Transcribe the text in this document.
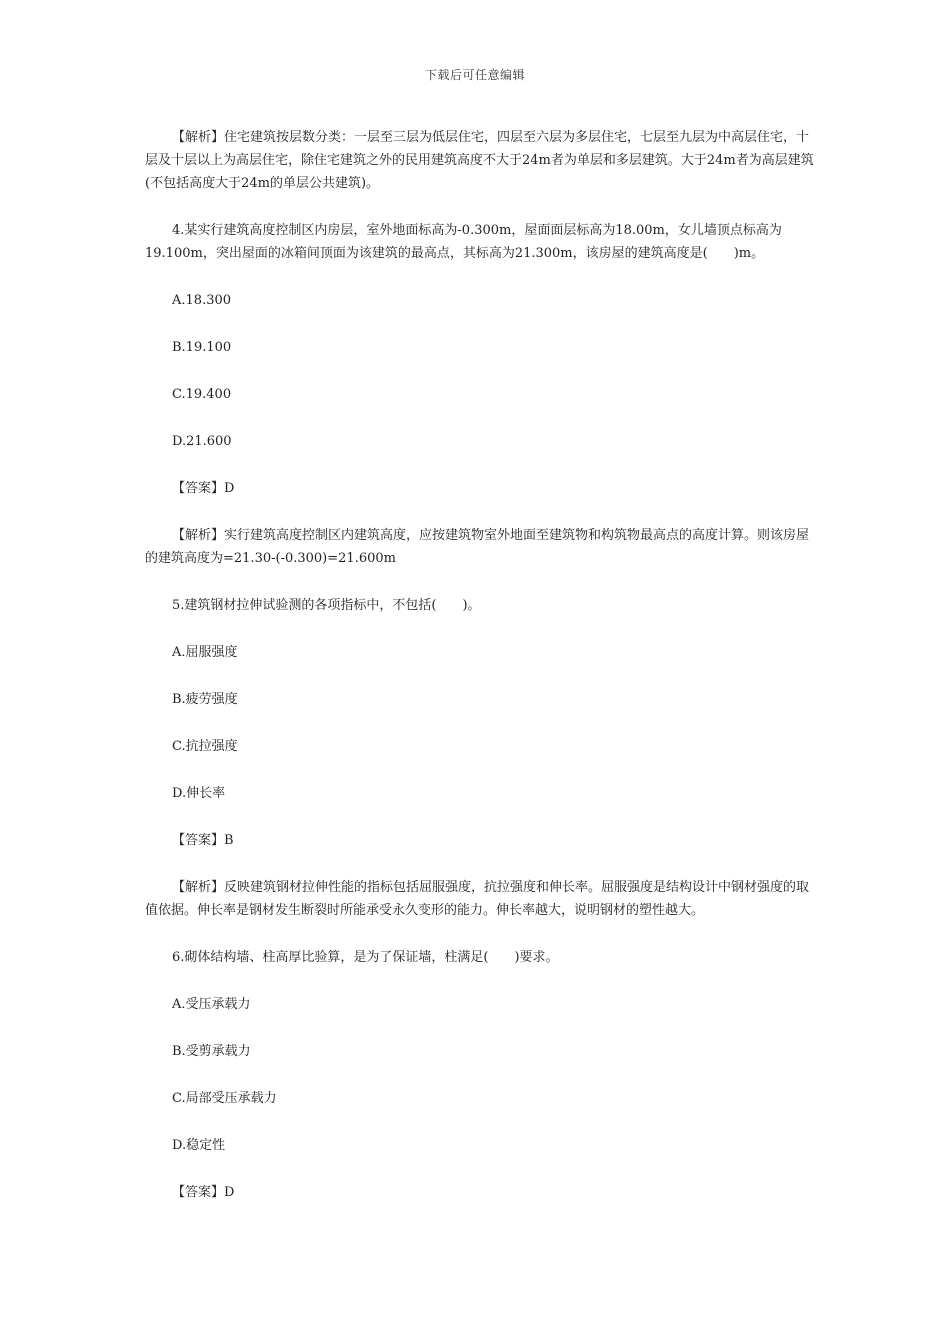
下载后可任意编辑

【解析】住宅建筑按层数分类：一层至三层为低层住宅，四层至六层为多层住宅，七层至九层为中高层住宅，十层及十层以上为高层住宅，除住宅建筑之外的民用建筑高度不大于24m者为单层和多层建筑。大于24m者为高层建筑(不包括高度大于24m的单层公共建筑)。

4.某实行建筑高度控制区内房层，室外地面标高为-0.300m，屋面面层标高为18.00m，女儿墙顶点标高为19.100m，突出屋面的冰箱间顶面为该建筑的最高点，其标高为21.300m，该房屋的建筑高度是(　　)m。

A.18.300

B.19.100

C.19.400

D.21.600

【答案】D

【解析】实行建筑高度控制区内建筑高度，应按建筑物室外地面至建筑物和构筑物最高点的高度计算。则该房屋的建筑高度为=21.30-(-0.300)=21.600m

5.建筑钢材拉伸试验测的各项指标中，不包括(　　)。

A.屈服强度

B.疲劳强度

C.抗拉强度

D.伸长率

【答案】B

【解析】反映建筑钢材拉伸性能的指标包括屈服强度，抗拉强度和伸长率。屈服强度是结构设计中钢材强度的取值依据。伸长率是钢材发生断裂时所能承受永久变形的能力。伸长率越大，说明钢材的塑性越大。

6.砌体结构墙、柱高厚比验算，是为了保证墙，柱满足(　　)要求。

A.受压承载力

B.受剪承载力

C.局部受压承载力

D.稳定性

【答案】D
